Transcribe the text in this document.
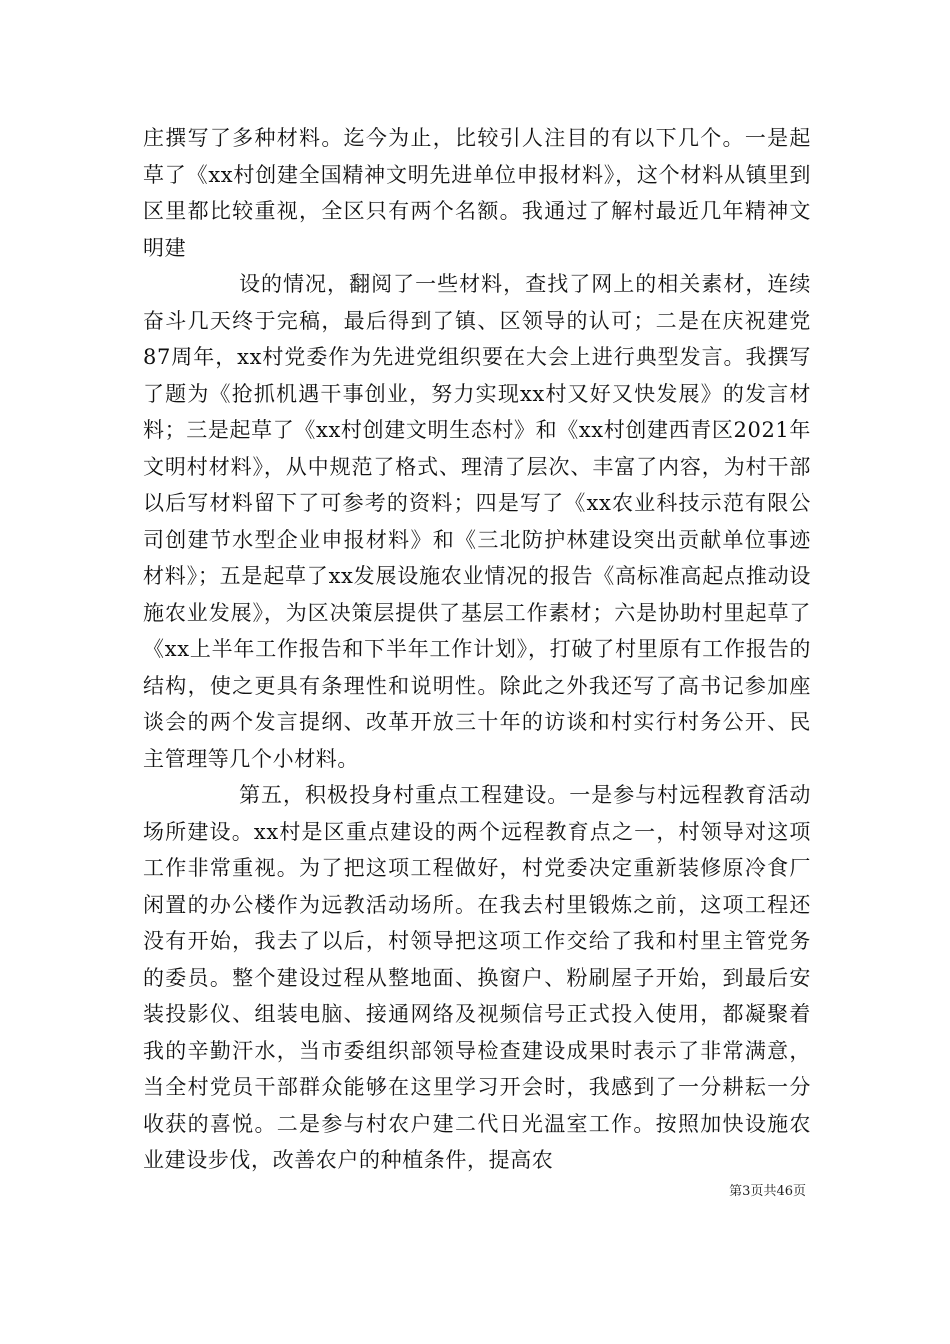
庄撰写了多种材料。迄今为止，比较引人注目的有以下几个。一是起草了《xx村创建全国精神文明先进单位申报材料》，这个材料从镇里到区里都比较重视，全区只有两个名额。我通过了解村最近几年精神文明建

设的情况，翻阅了一些材料，查找了网上的相关素材，连续奋斗几天终于完稿，最后得到了镇、区领导的认可；二是在庆祝建党87周年，xx村党委作为先进党组织要在大会上进行典型发言。我撰写了题为《抢抓机遇干事创业，努力实现xx村又好又快发展》的发言材料；三是起草了《xx村创建文明生态村》和《xx村创建西青区2021年文明村材料》，从中规范了格式、理清了层次、丰富了内容，为村干部以后写材料留下了可参考的资料；四是写了《xx农业科技示范有限公司创建节水型企业申报材料》和《三北防护林建设突出贡献单位事迹材料》；五是起草了xx发展设施农业情况的报告《高标准高起点推动设施农业发展》，为区决策层提供了基层工作素材；六是协助村里起草了《xx上半年工作报告和下半年工作计划》，打破了村里原有工作报告的结构，使之更具有条理性和说明性。除此之外我还写了高书记参加座谈会的两个发言提纲、改革开放三十年的访谈和村实行村务公开、民主管理等几个小材料。

第五，积极投身村重点工程建设。一是参与村远程教育活动场所建设。xx村是区重点建设的两个远程教育点之一，村领导对这项工作非常重视。为了把这项工程做好，村党委决定重新装修原冷食厂闲置的办公楼作为远教活动场所。在我去村里锻炼之前，这项工程还没有开始，我去了以后，村领导把这项工作交给了我和村里主管党务的委员。整个建设过程从整地面、换窗户、粉刷屋子开始，到最后安装投影仪、组装电脑、接通网络及视频信号正式投入使用，都凝聚着我的辛勤汗水，当市委组织部领导检查建设成果时表示了非常满意，当全村党员干部群众能够在这里学习开会时，我感到了一分耕耘一分收获的喜悦。二是参与村农户建二代日光温室工作。按照加快设施农业建设步伐，改善农户的种植条件，提高农

第3页共46页
